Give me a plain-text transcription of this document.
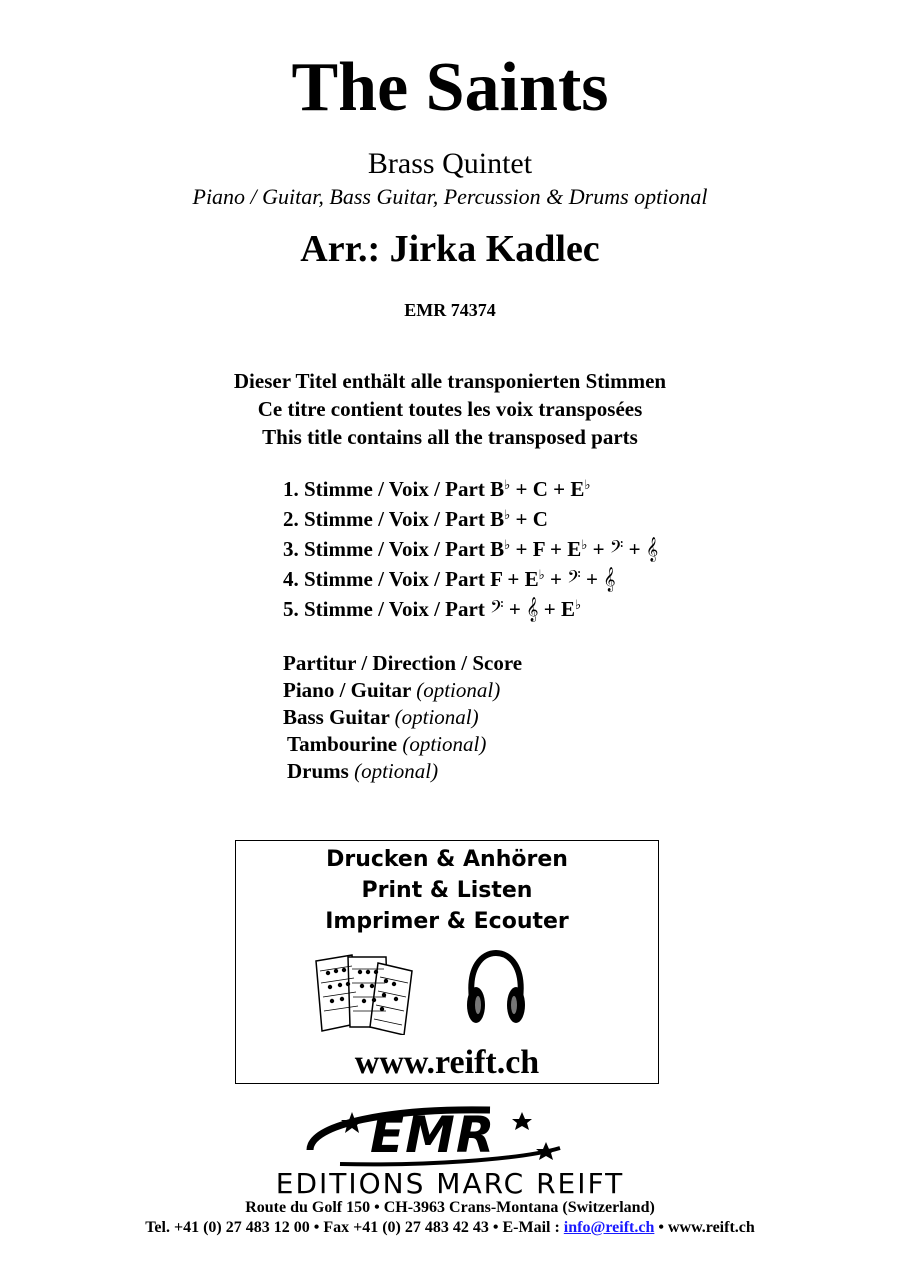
The Saints
Brass Quintet
Piano / Guitar, Bass Guitar, Percussion & Drums optional
Arr.: Jirka Kadlec
EMR 74374
Dieser Titel enthält alle transponierten Stimmen
Ce titre contient toutes les voix transposées
This title contains all the transposed parts
1. Stimme / Voix / Part B♭ + C + E♭
2. Stimme / Voix / Part B♭ + C
3. Stimme / Voix / Part B♭ + F + E♭ + 𝄢 + 𝄞
4. Stimme / Voix / Part F + E♭ + 𝄢 + 𝄞
5. Stimme / Voix / Part 𝄢 + 𝄞 + E♭
Partitur / Direction / Score
Piano / Guitar (optional)
Bass Guitar (optional)
Tambourine (optional)
Drums (optional)
Drucken & Anhören
Print & Listen
Imprimer & Ecouter
www.reift.ch
EMR
EDITIONS MARC REIFT
Route du Golf 150 • CH-3963 Crans-Montana (Switzerland)
Tel. +41 (0) 27 483 12 00 • Fax +41 (0) 27 483 42 43 • E-Mail : info@reift.ch • www.reift.ch
